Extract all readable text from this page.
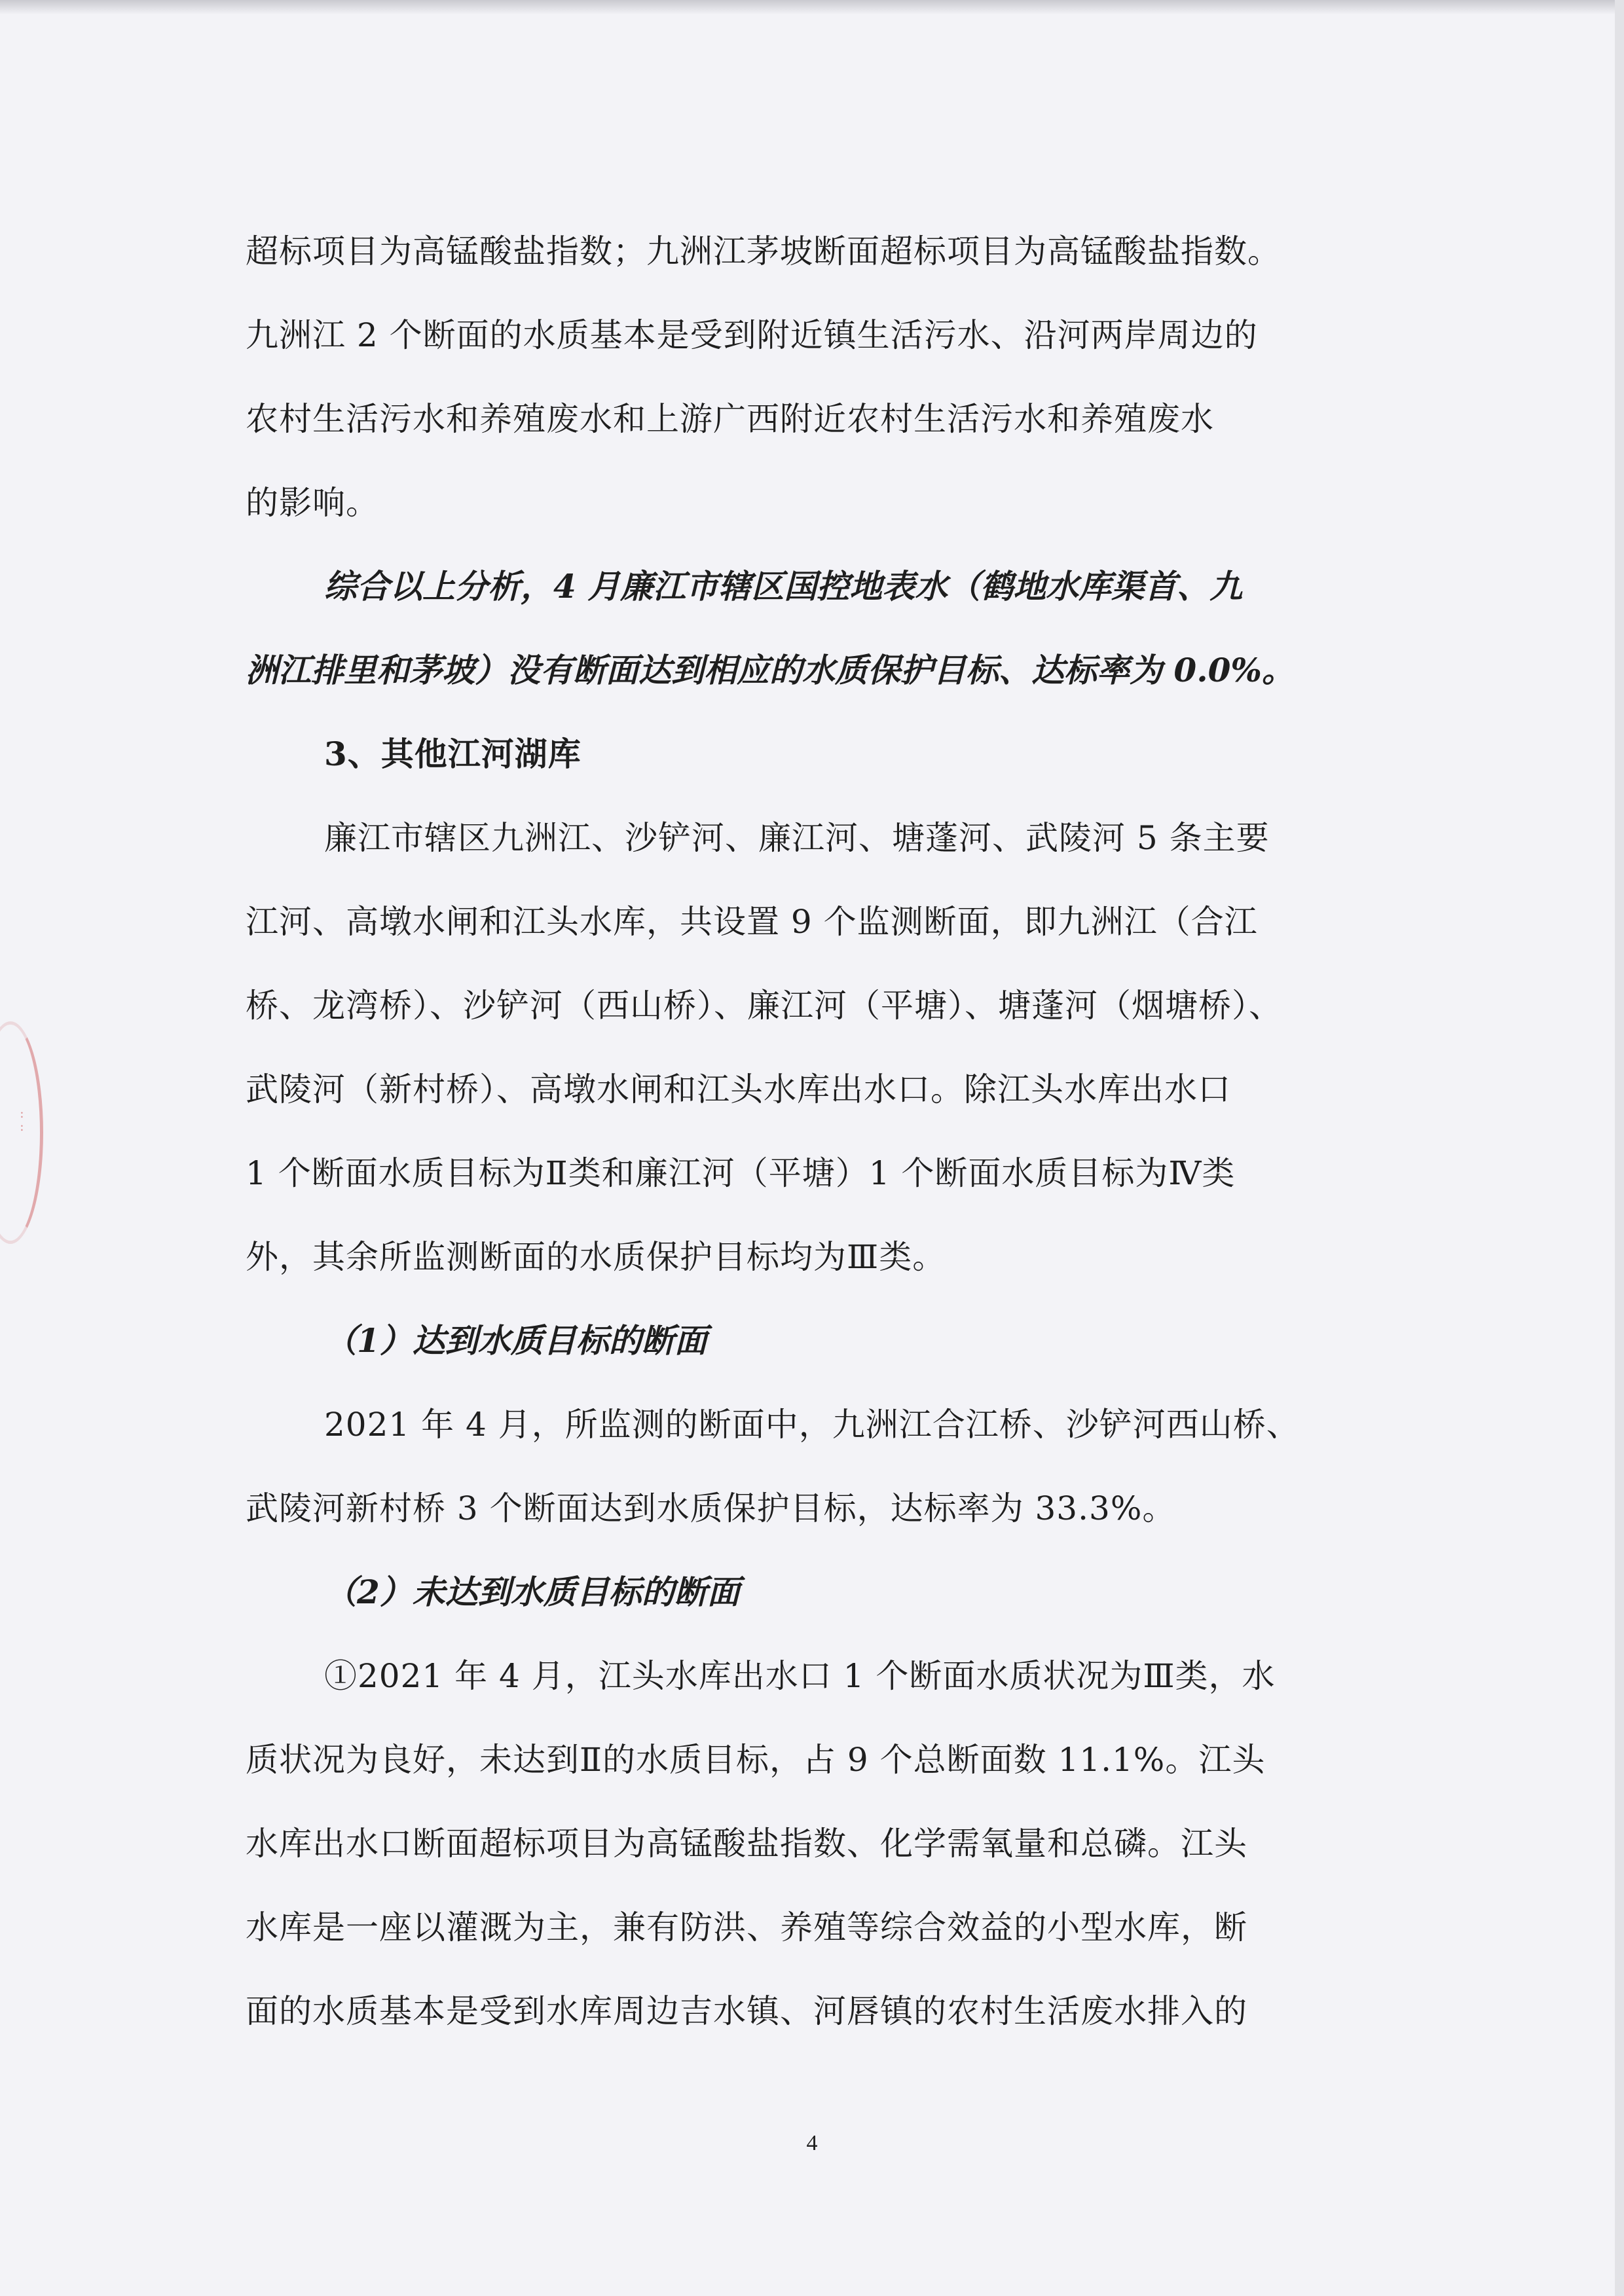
:
:
超标项目为高锰酸盐指数；九洲江茅坡断面超标项目为高锰酸盐指数。
九洲江 2 个断面的水质基本是受到附近镇生活污水、沿河两岸周边的
农村生活污水和养殖废水和上游广西附近农村生活污水和养殖废水
的影响。
综合以上分析，4 月廉江市辖区国控地表水（鹤地水库渠首、九
洲江排里和茅坡）没有断面达到相应的水质保护目标、达标率为 0.0%。
3、其他江河湖库
廉江市辖区九洲江、沙铲河、廉江河、塘蓬河、武陵河 5 条主要
江河、高墩水闸和江头水库，共设置 9 个监测断面，即九洲江（合江
桥、龙湾桥）、沙铲河（西山桥）、廉江河（平塘）、塘蓬河（烟塘桥）、
武陵河（新村桥）、高墩水闸和江头水库出水口。除江头水库出水口
1 个断面水质目标为Ⅱ类和廉江河（平塘）1 个断面水质目标为Ⅳ类
外，其余所监测断面的水质保护目标均为Ⅲ类。
（1）达到水质目标的断面
2021 年 4 月，所监测的断面中，九洲江合江桥、沙铲河西山桥、
武陵河新村桥 3 个断面达到水质保护目标，达标率为 33.3%。
（2）未达到水质目标的断面
①2021 年 4 月，江头水库出水口 1 个断面水质状况为Ⅲ类，水
质状况为良好，未达到Ⅱ的水质目标，占 9 个总断面数 11.1%。江头
水库出水口断面超标项目为高锰酸盐指数、化学需氧量和总磷。江头
水库是一座以灌溉为主，兼有防洪、养殖等综合效益的小型水库，断
面的水质基本是受到水库周边吉水镇、河唇镇的农村生活废水排入的
4
